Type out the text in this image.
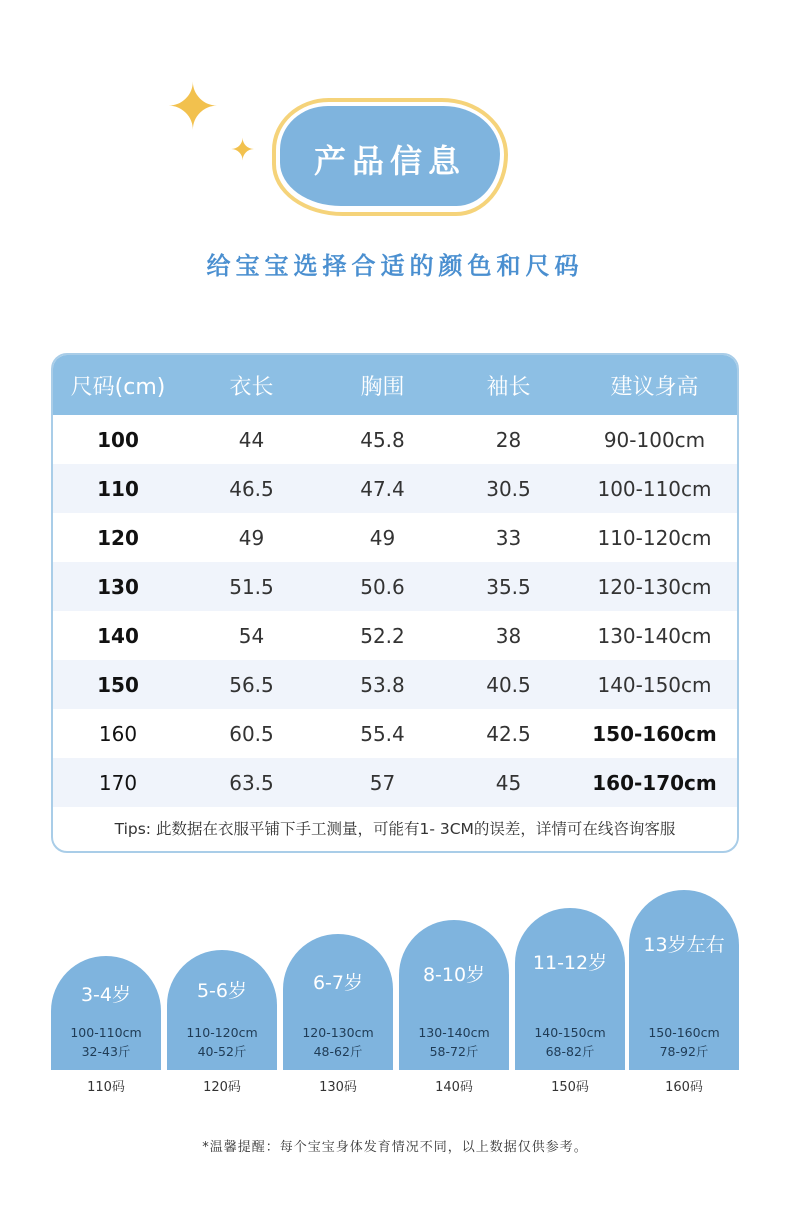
✦
✦	产品信息
给宝宝选择合适的颜色和尺码
尺码(cm)	衣长	胸围	袖长	建议身高
100	44	45.8	28	90-100cm
110	46.5	47.4	30.5	100-110cm
120	49	49	33	110-120cm
130	51.5	50.6	35.5	120-130cm
140	54	52.2	38	130-140cm
150	56.5	53.8	40.5	140-150cm
160	60.5	55.4	42.5	150-160cm
170	63.5	57	45	160-170cm
Tips: 此数据在衣服平铺下手工测量，可能有1- 3CM的误差，详情可在线咨询客服
3-4岁
100-110cm
32-43斤
5-6岁
110-120cm
40-52斤
6-7岁
120-130cm
48-62斤
8-10岁
130-140cm
58-72斤
11-12岁
140-150cm
68-82斤
13岁左右
150-160cm
78-92斤
110码	120码	130码	140码	150码	160码
*温馨提醒：每个宝宝身体发育情况不同，以上数据仅供参考。
